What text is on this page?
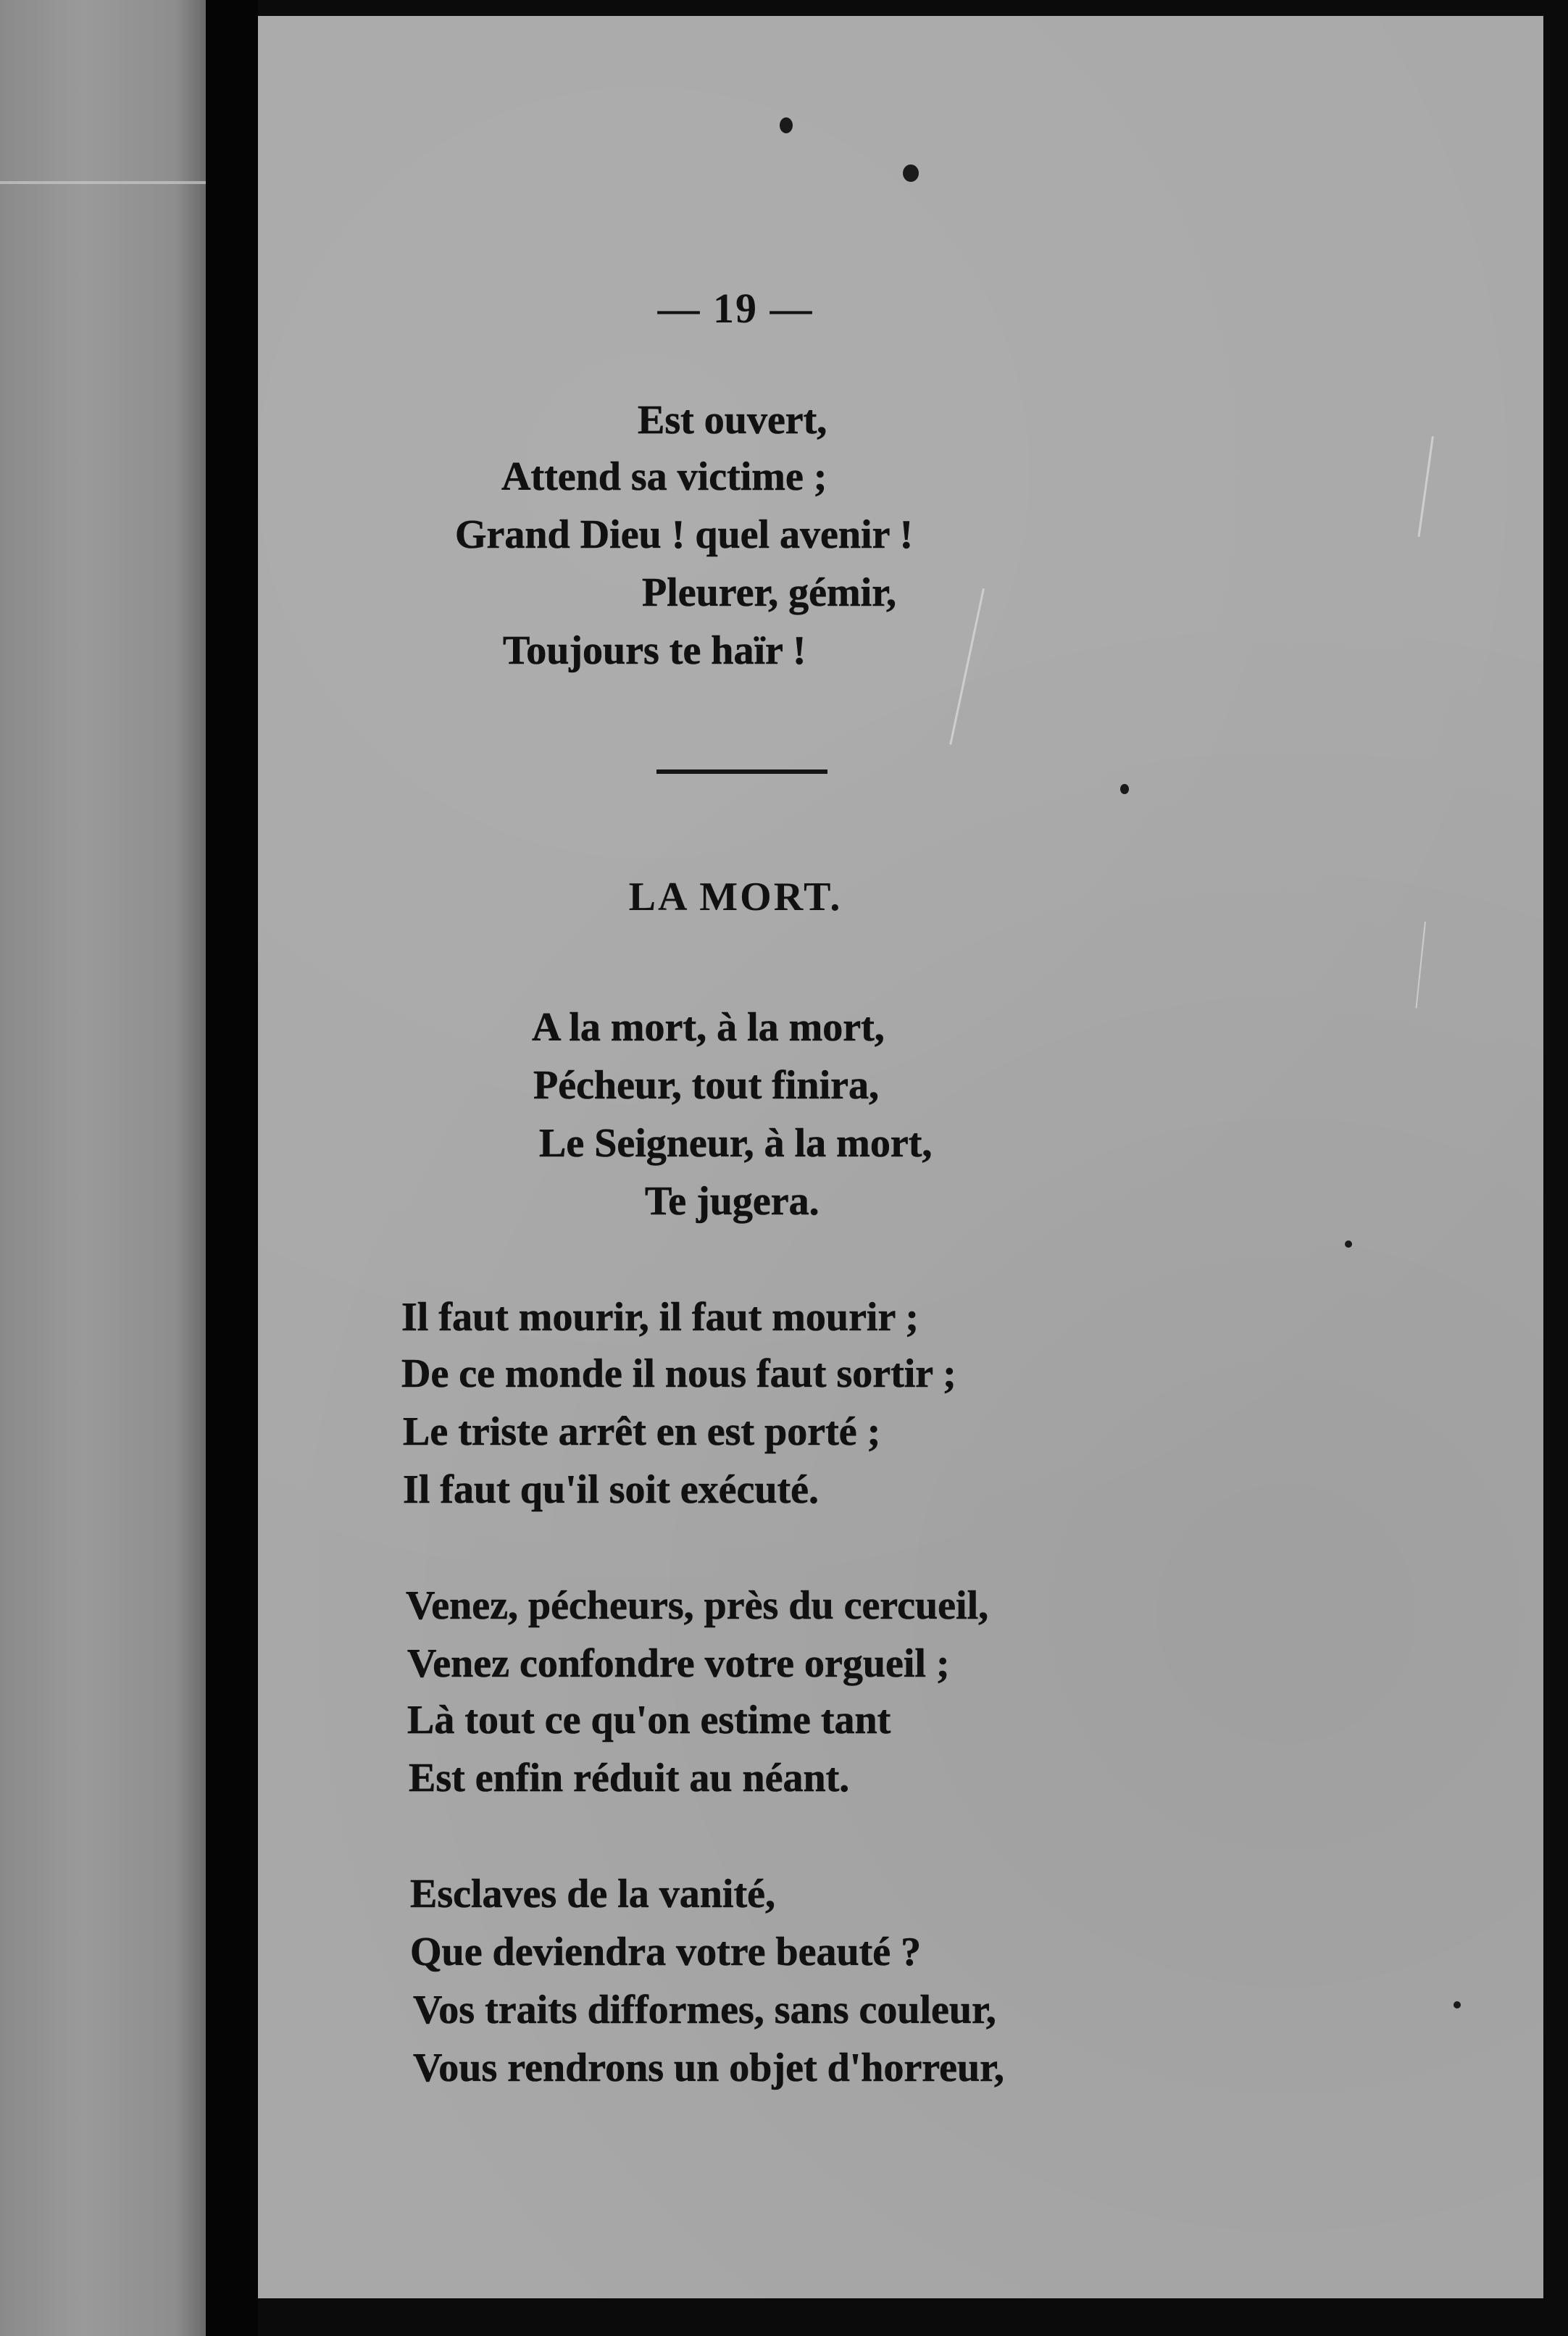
— 19 —

Est ouvert,

Attend sa victime ;

Grand Dieu ! quel avenir !

Pleurer, gémir,

Toujours te haïr !

LA MORT.

A la mort, à la mort,

Pécheur, tout finira,

Le Seigneur, à la mort,

Te jugera.

Il faut mourir, il faut mourir ;

De ce monde il nous faut sortir ;

Le triste arrêt en est porté ;

Il faut qu'il soit exécuté.

Venez, pécheurs, près du cercueil,

Venez confondre votre orgueil ;

Là tout ce qu'on estime tant

Est enfin réduit au néant.

Esclaves de la vanité,

Que deviendra votre beauté ?

Vos traits difformes, sans couleur,

Vous rendrons un objet d'horreur,
